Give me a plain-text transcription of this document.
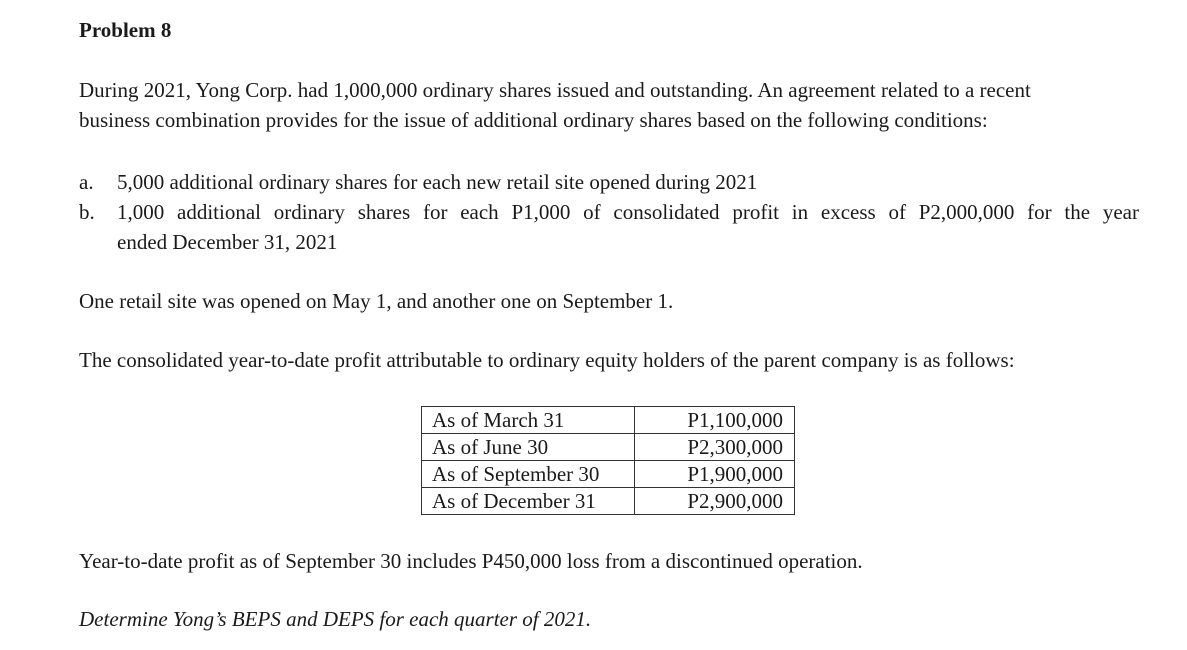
Problem 8

During 2021, Yong Corp. had 1,000,000 ordinary shares issued and outstanding. An agreement related to a recent
business combination provides for the issue of additional ordinary shares based on the following conditions:

a. 5,000 additional ordinary shares for each new retail site opened during 2021
b. 1,000 additional ordinary shares for each P1,000 of consolidated profit in excess of P2,000,000 for the year
ended December 31, 2021

One retail site was opened on May 1, and another one on September 1.

The consolidated year-to-date profit attributable to ordinary equity holders of the parent company is as follows:

As of March 31	P1,100,000
As of June 30	P2,300,000
As of September 30	P1,900,000
As of December 31	P2,900,000

Year-to-date profit as of September 30 includes P450,000 loss from a discontinued operation.

Determine Yong’s BEPS and DEPS for each quarter of 2021.
